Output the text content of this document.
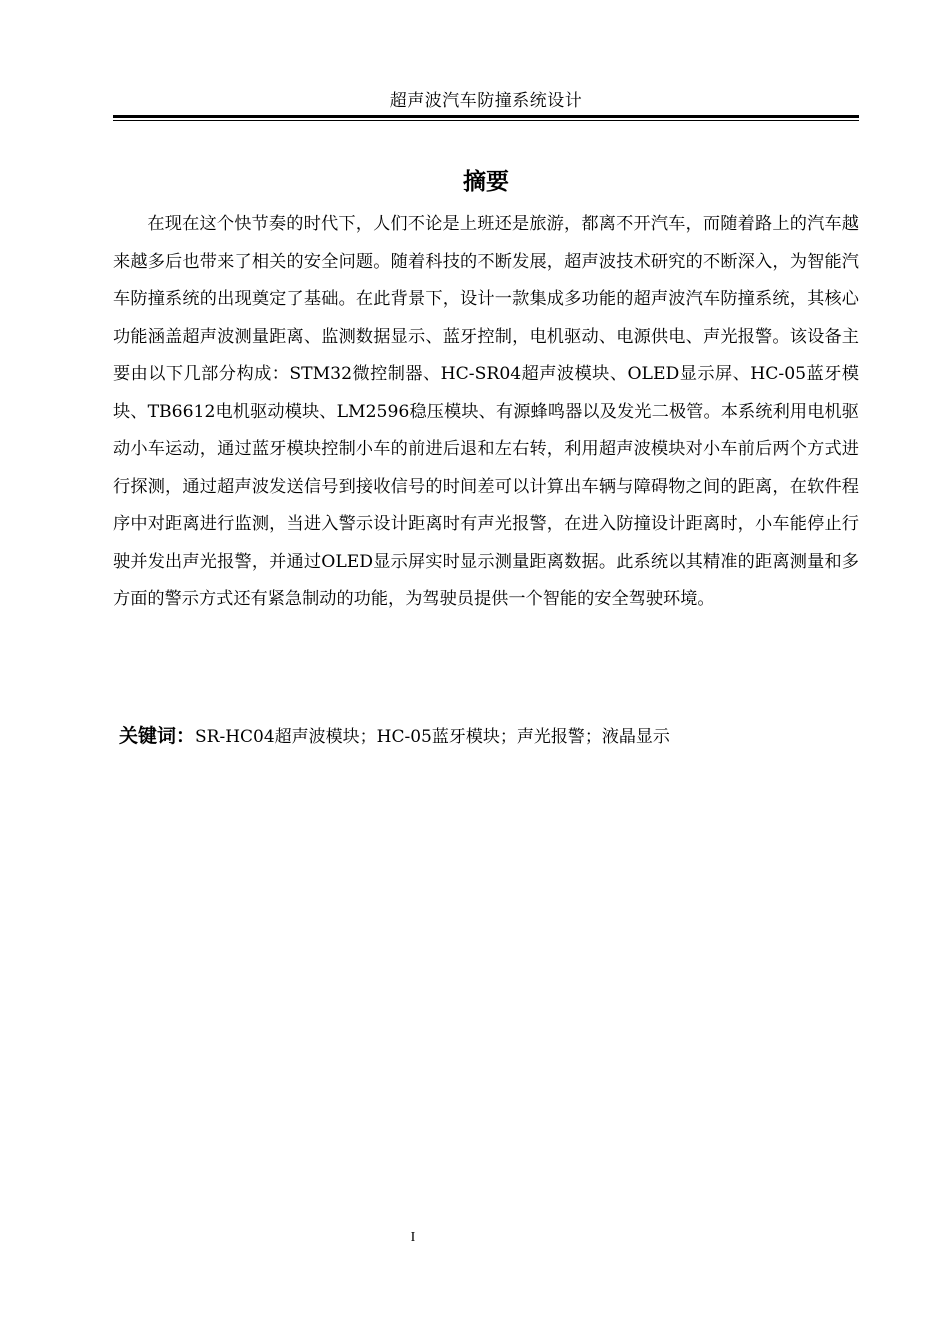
超声波汽车防撞系统设计
摘要

在现在这个快节奏的时代下，人们不论是上班还是旅游，都离不开汽车，而随着路上的汽车越来越多后也带来了相关的安全问题。随着科技的不断发展，超声波技术研究的不断深入，为智能汽车防撞系统的出现奠定了基础。在此背景下，设计一款集成多功能的超声波汽车防撞系统，其核心功能涵盖超声波测量距离、监测数据显示、蓝牙控制，电机驱动、电源供电、声光报警。该设备主要由以下几部分构成：STM32微控制器、HC-SR04超声波模块、OLED显示屏、HC-05蓝牙模块、TB6612电机驱动模块、LM2596稳压模块、有源蜂鸣器以及发光二极管。本系统利用电机驱动小车运动，通过蓝牙模块控制小车的前进后退和左右转，利用超声波模块对小车前后两个方式进行探测，通过超声波发送信号到接收信号的时间差可以计算出车辆与障碍物之间的距离，在软件程序中对距离进行监测，当进入警示设计距离时有声光报警，在进入防撞设计距离时，小车能停止行驶并发出声光报警，并通过OLED显示屏实时显示测量距离数据。此系统以其精准的距离测量和多方面的警示方式还有紧急制动的功能，为驾驶员提供一个智能的安全驾驶环境。

关键词：SR-HC04超声波模块；HC-05蓝牙模块；声光报警；液晶显示
I
